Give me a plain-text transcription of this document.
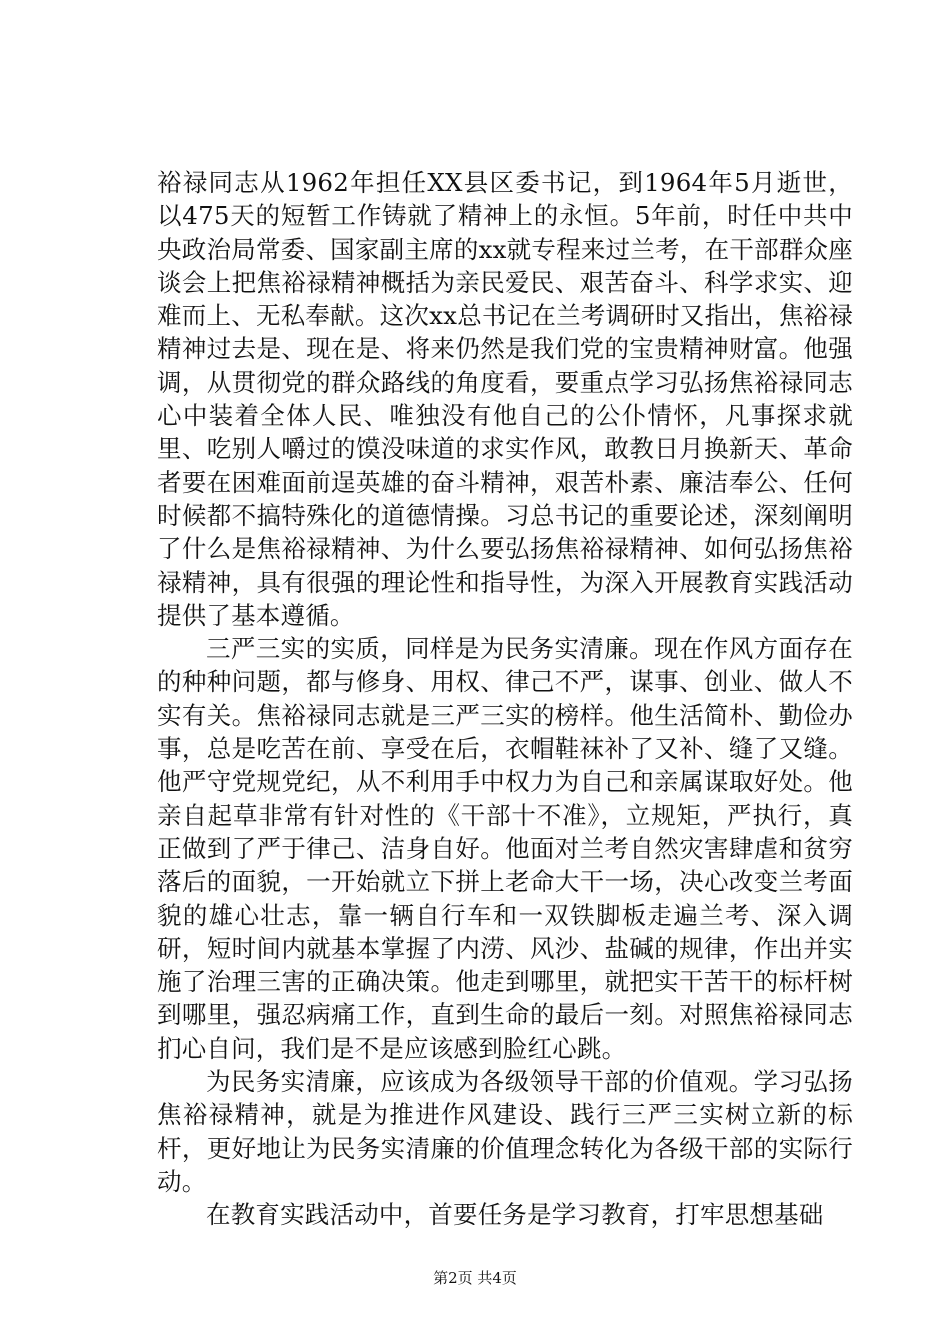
裕禄同志从1962年担任XX县区委书记，到1964年5月逝世，以475天的短暂工作铸就了精神上的永恒。5年前，时任中共中央政治局常委、国家副主席的xx就专程来过兰考，在干部群众座谈会上把焦裕禄精神概括为亲民爱民、艰苦奋斗、科学求实、迎难而上、无私奉献。这次xx总书记在兰考调研时又指出，焦裕禄精神过去是、现在是、将来仍然是我们党的宝贵精神财富。他强调，从贯彻党的群众路线的角度看，要重点学习弘扬焦裕禄同志心中装着全体人民、唯独没有他自己的公仆情怀，凡事探求就里、吃别人嚼过的馍没味道的求实作风，敢教日月换新天、革命者要在困难面前逞英雄的奋斗精神，艰苦朴素、廉洁奉公、任何时候都不搞特殊化的道德情操。习总书记的重要论述，深刻阐明了什么是焦裕禄精神、为什么要弘扬焦裕禄精神、如何弘扬焦裕禄精神，具有很强的理论性和指导性，为深入开展教育实践活动提供了基本遵循。

三严三实的实质，同样是为民务实清廉。现在作风方面存在的种种问题，都与修身、用权、律己不严，谋事、创业、做人不实有关。焦裕禄同志就是三严三实的榜样。他生活简朴、勤俭办事，总是吃苦在前、享受在后，衣帽鞋袜补了又补、缝了又缝。他严守党规党纪，从不利用手中权力为自己和亲属谋取好处。他亲自起草非常有针对性的《干部十不准》，立规矩，严执行，真正做到了严于律己、洁身自好。他面对兰考自然灾害肆虐和贫穷落后的面貌，一开始就立下拼上老命大干一场，决心改变兰考面貌的雄心壮志，靠一辆自行车和一双铁脚板走遍兰考、深入调研，短时间内就基本掌握了内涝、风沙、盐碱的规律，作出并实施了治理三害的正确决策。他走到哪里，就把实干苦干的标杆树到哪里，强忍病痛工作，直到生命的最后一刻。对照焦裕禄同志扪心自问，我们是不是应该感到脸红心跳。

为民务实清廉，应该成为各级领导干部的价值观。学习弘扬焦裕禄精神，就是为推进作风建设、践行三严三实树立新的标杆，更好地让为民务实清廉的价值理念转化为各级干部的实际行动。

在教育实践活动中，首要任务是学习教育，打牢思想基础

第2页 共4页
